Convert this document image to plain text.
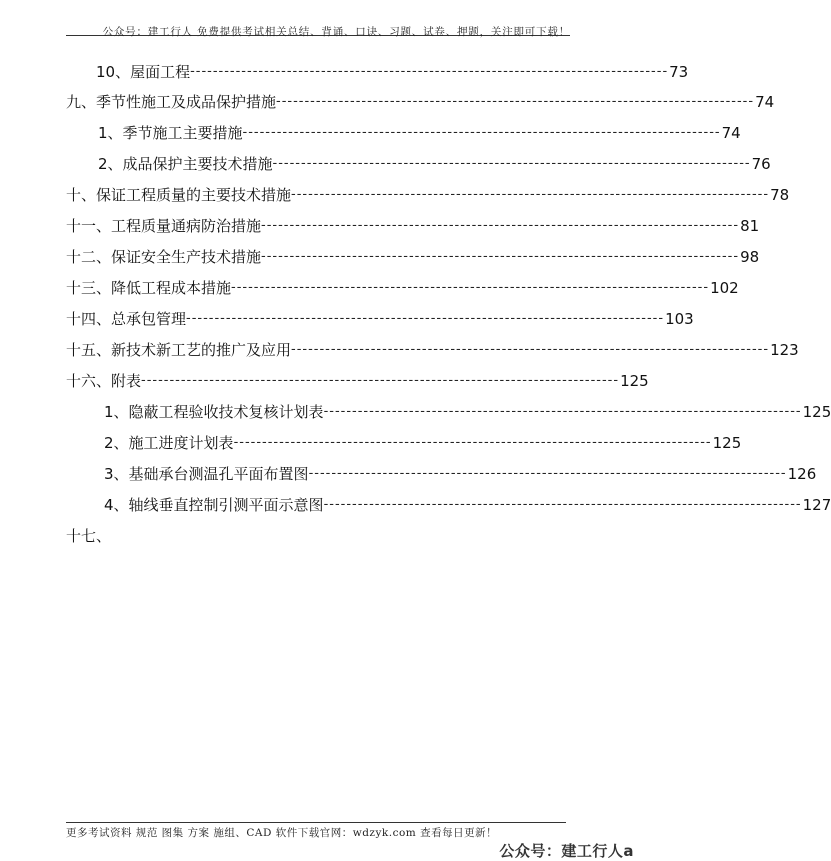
公众号：建工行人 免费提供考试相关总结、背诵、口诀、习题、试卷、押题，关注即可下载！
10、屋面工程 ------------------------------------------------------------------------------------ 73
九、季节性施工及成品保护措施 ------------------------------------------------------------------------------------ 74
1、季节施工主要措施 ------------------------------------------------------------------------------------ 74
2、成品保护主要技术措施 ------------------------------------------------------------------------------------ 76
十、保证工程质量的主要技术措施 ------------------------------------------------------------------------------------ 78
十一、工程质量通病防治措施 ------------------------------------------------------------------------------------ 81
十二、保证安全生产技术措施 ------------------------------------------------------------------------------------ 98
十三、降低工程成本措施 ------------------------------------------------------------------------------------ 102
十四、总承包管理 ------------------------------------------------------------------------------------ 103
十五、新技术新工艺的推广及应用 ------------------------------------------------------------------------------------ 123
十六、附表 ------------------------------------------------------------------------------------ 125
1、 隐蔽工程验收技术复核计划表 ------------------------------------------------------------------------------------ 125
2、 施工进度计划表 ------------------------------------------------------------------------------------ 125
3、 基础承台测温孔平面布置图 ------------------------------------------------------------------------------------ 126
4、 轴线垂直控制引测平面示意图 ------------------------------------------------------------------------------------ 127
十七、
更多考试资料 规范 图集 方案 施组、CAD 软件下载官网：wdzyk.com 查看每日更新！
公众号：建工行人a
